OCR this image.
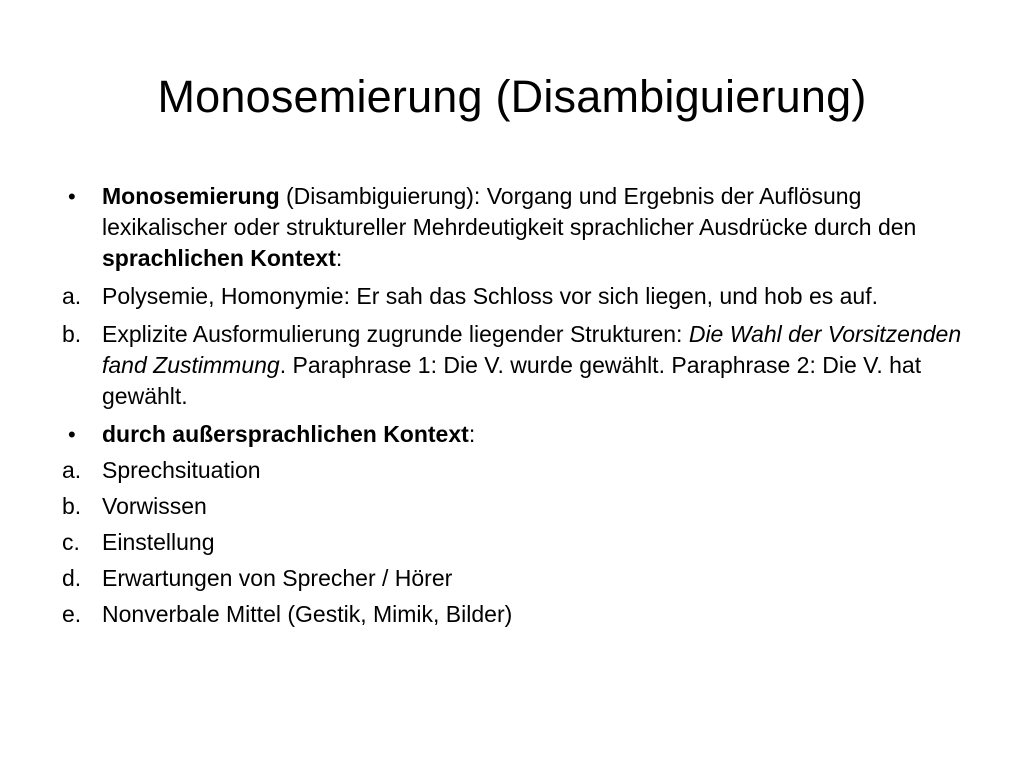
Monosemierung (Disambiguierung)
•	Monosemierung (Disambiguierung): Vorgang und Ergebnis der Auflösung lexikalischer oder struktureller Mehrdeutigkeit sprachlicher Ausdrücke durch den sprachlichen Kontext:
a. Polysemie, Homonymie: Er sah das Schloss vor sich liegen, und hob es auf.
b. Explizite Ausformulierung zugrunde liegender Strukturen: Die Wahl der Vorsitzenden fand Zustimmung. Paraphrase 1: Die V. wurde gewählt. Paraphrase 2: Die V. hat gewählt.
•	durch außersprachlichen Kontext:
a. Sprechsituation
b. Vorwissen
c. Einstellung
d. Erwartungen von Sprecher / Hörer
e. Nonverbale Mittel (Gestik, Mimik, Bilder)
